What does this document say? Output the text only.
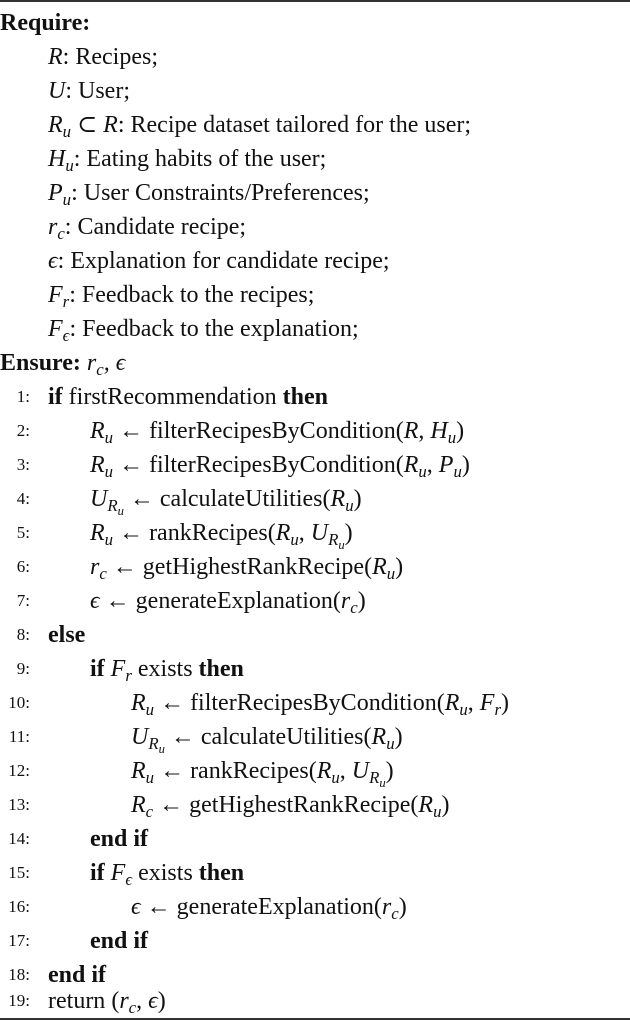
Require:
R: Recipes;
U: User;
$R_u$ ⊂ R: Recipe dataset tailored for the user;
$H_u$: Eating habits of the user;
$P_u$: User Constraints/Preferences;
$r_c$: Candidate recipe;
ϵ: Explanation for candidate recipe;
$F_r$: Feedback to the recipes;
$F_\epsilon$: Feedback to the explanation;
Ensure: $r_c$, ϵ
1: if firstRecommendation then
2:	$R_u$ ← filterRecipesByCondition(R, $H_u$)
3:	$R_u$ ← $filterRecipesByCondition(R_u$, $P_u$)
4:	$U_{R_u}$ ← $calculateUtilities(R_u)$
5:	$R_u$ ← $rankRecipes(R_u$, $U_{R_u}$)
6:	$r_c$ ← $getHighestRankRecipe(R_u)$
7:	ϵ ← $generateExplanation(r_c)$
8: else
9:	if $F_r$ exists then
10:	$R_u$ ← $filterRecipesByCondition(R_u$, $F_r$)
11:	$U_{R_u}$ ← $calculateUtilities(R_u)$
12:	$R_u$ ← $rankRecipes(R_u$, $U_{R_u}$)
13:	$R_c$ ← $getHighestRankRecipe(R_u)$
14:	end if
15:	if $F_\epsilon$ exists then
16:	ϵ ← $generateExplanation(r_c)$
17:	end if
18: end if
19: return ($r_c$, ϵ)
